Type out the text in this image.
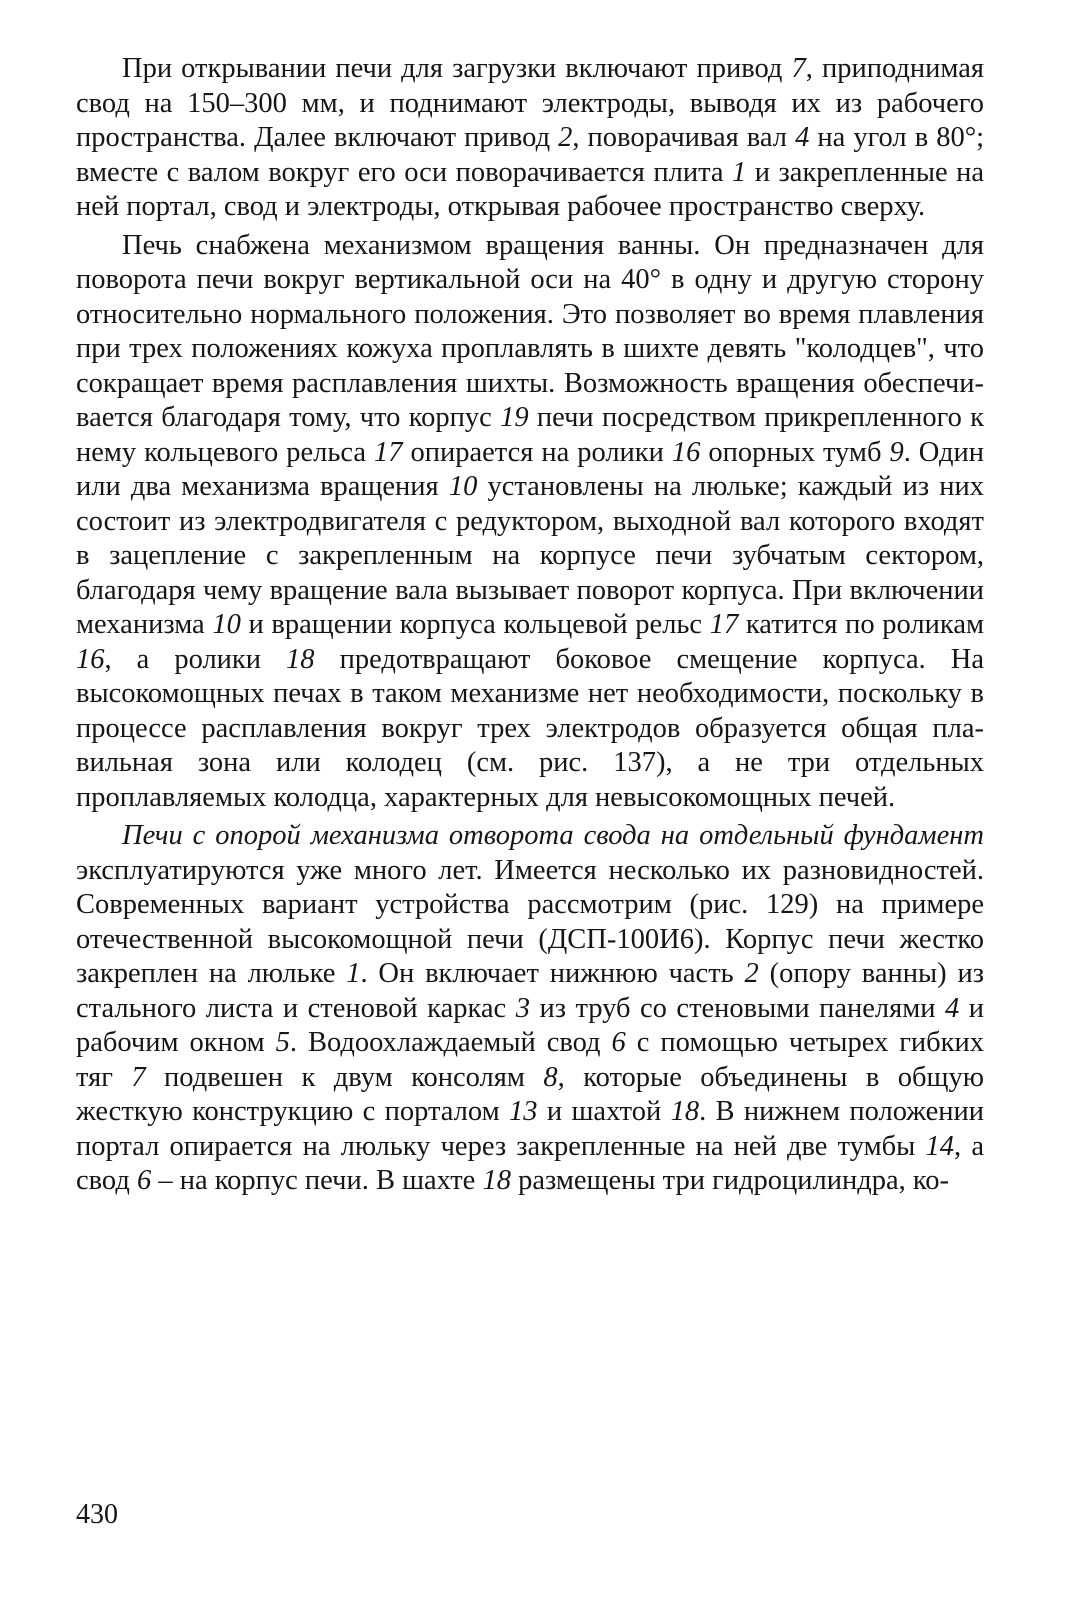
При открывании печи для загрузки включают привод 7, приподнимая свод на 150–300 мм, и поднимают электроды, выводя их из рабочего пространства. Далее включают привод 2, поворачивая вал 4 на угол в 80°; вместе с валом вокруг его оси поворачивается плита 1 и закрепленные на ней портал, свод и электроды, открывая рабочее пространство сверху.

Печь снабжена механизмом вращения ванны. Он предназначен для поворота печи вокруг вертикальной оси на 40° в одну и другую сторону относительно нормального положения. Это позволяет во время плавления при трех положениях кожуха проплавлять в шихте девять "колодцев", что сокращает время расплавления шихты. Возможность вращения обеспечивается благодаря тому, что корпус 19 печи посредством прикрепленного к нему кольцевого рельса 17 опирается на ролики 16 опорных тумб 9. Один или два механизма вращения 10 установлены на люльке; каждый из них состоит из электродвигателя с редуктором, выходной вал которого входят в зацепление с закрепленным на корпусе печи зубчатым сектором, благодаря чему вращение вала вызывает поворот корпуса. При включении механизма 10 и вращении корпуса кольцевой рельс 17 катится по роликам 16, а ролики 18 предотвращают боковое смещение корпуса. На высокомощных печах в таком механизме нет необходимости, поскольку в процессе расплавления вокруг трех электродов образуется общая плавильная зона или колодец (см. рис. 137), а не три отдельных проплавляемых колодца, характерных для невысокомощных печей.

Печи с опорой механизма отворота свода на отдельный фундамент эксплуатируются уже много лет. Имеется несколько их разновидностей. Современных вариант устройства рассмотрим (рис. 129) на примере отечественной высокомощной печи (ДСП-100И6). Корпус печи жестко закреплен на люльке 1. Он включает нижнюю часть 2 (опору ванны) из стального листа и стеновой каркас 3 из труб со стеновыми панелями 4 и рабочим окном 5. Водоохлаждаемый свод 6 с помощью четырех гибких тяг 7 подвешен к двум консолям 8, которые объединены в общую жесткую конструкцию с порталом 13 и шахтой 18. В нижнем положении портал опирается на люльку через закрепленные на ней две тумбы 14, а свод 6 – на корпус печи. В шахте 18 размещены три гидроцилиндра, ко-

430
